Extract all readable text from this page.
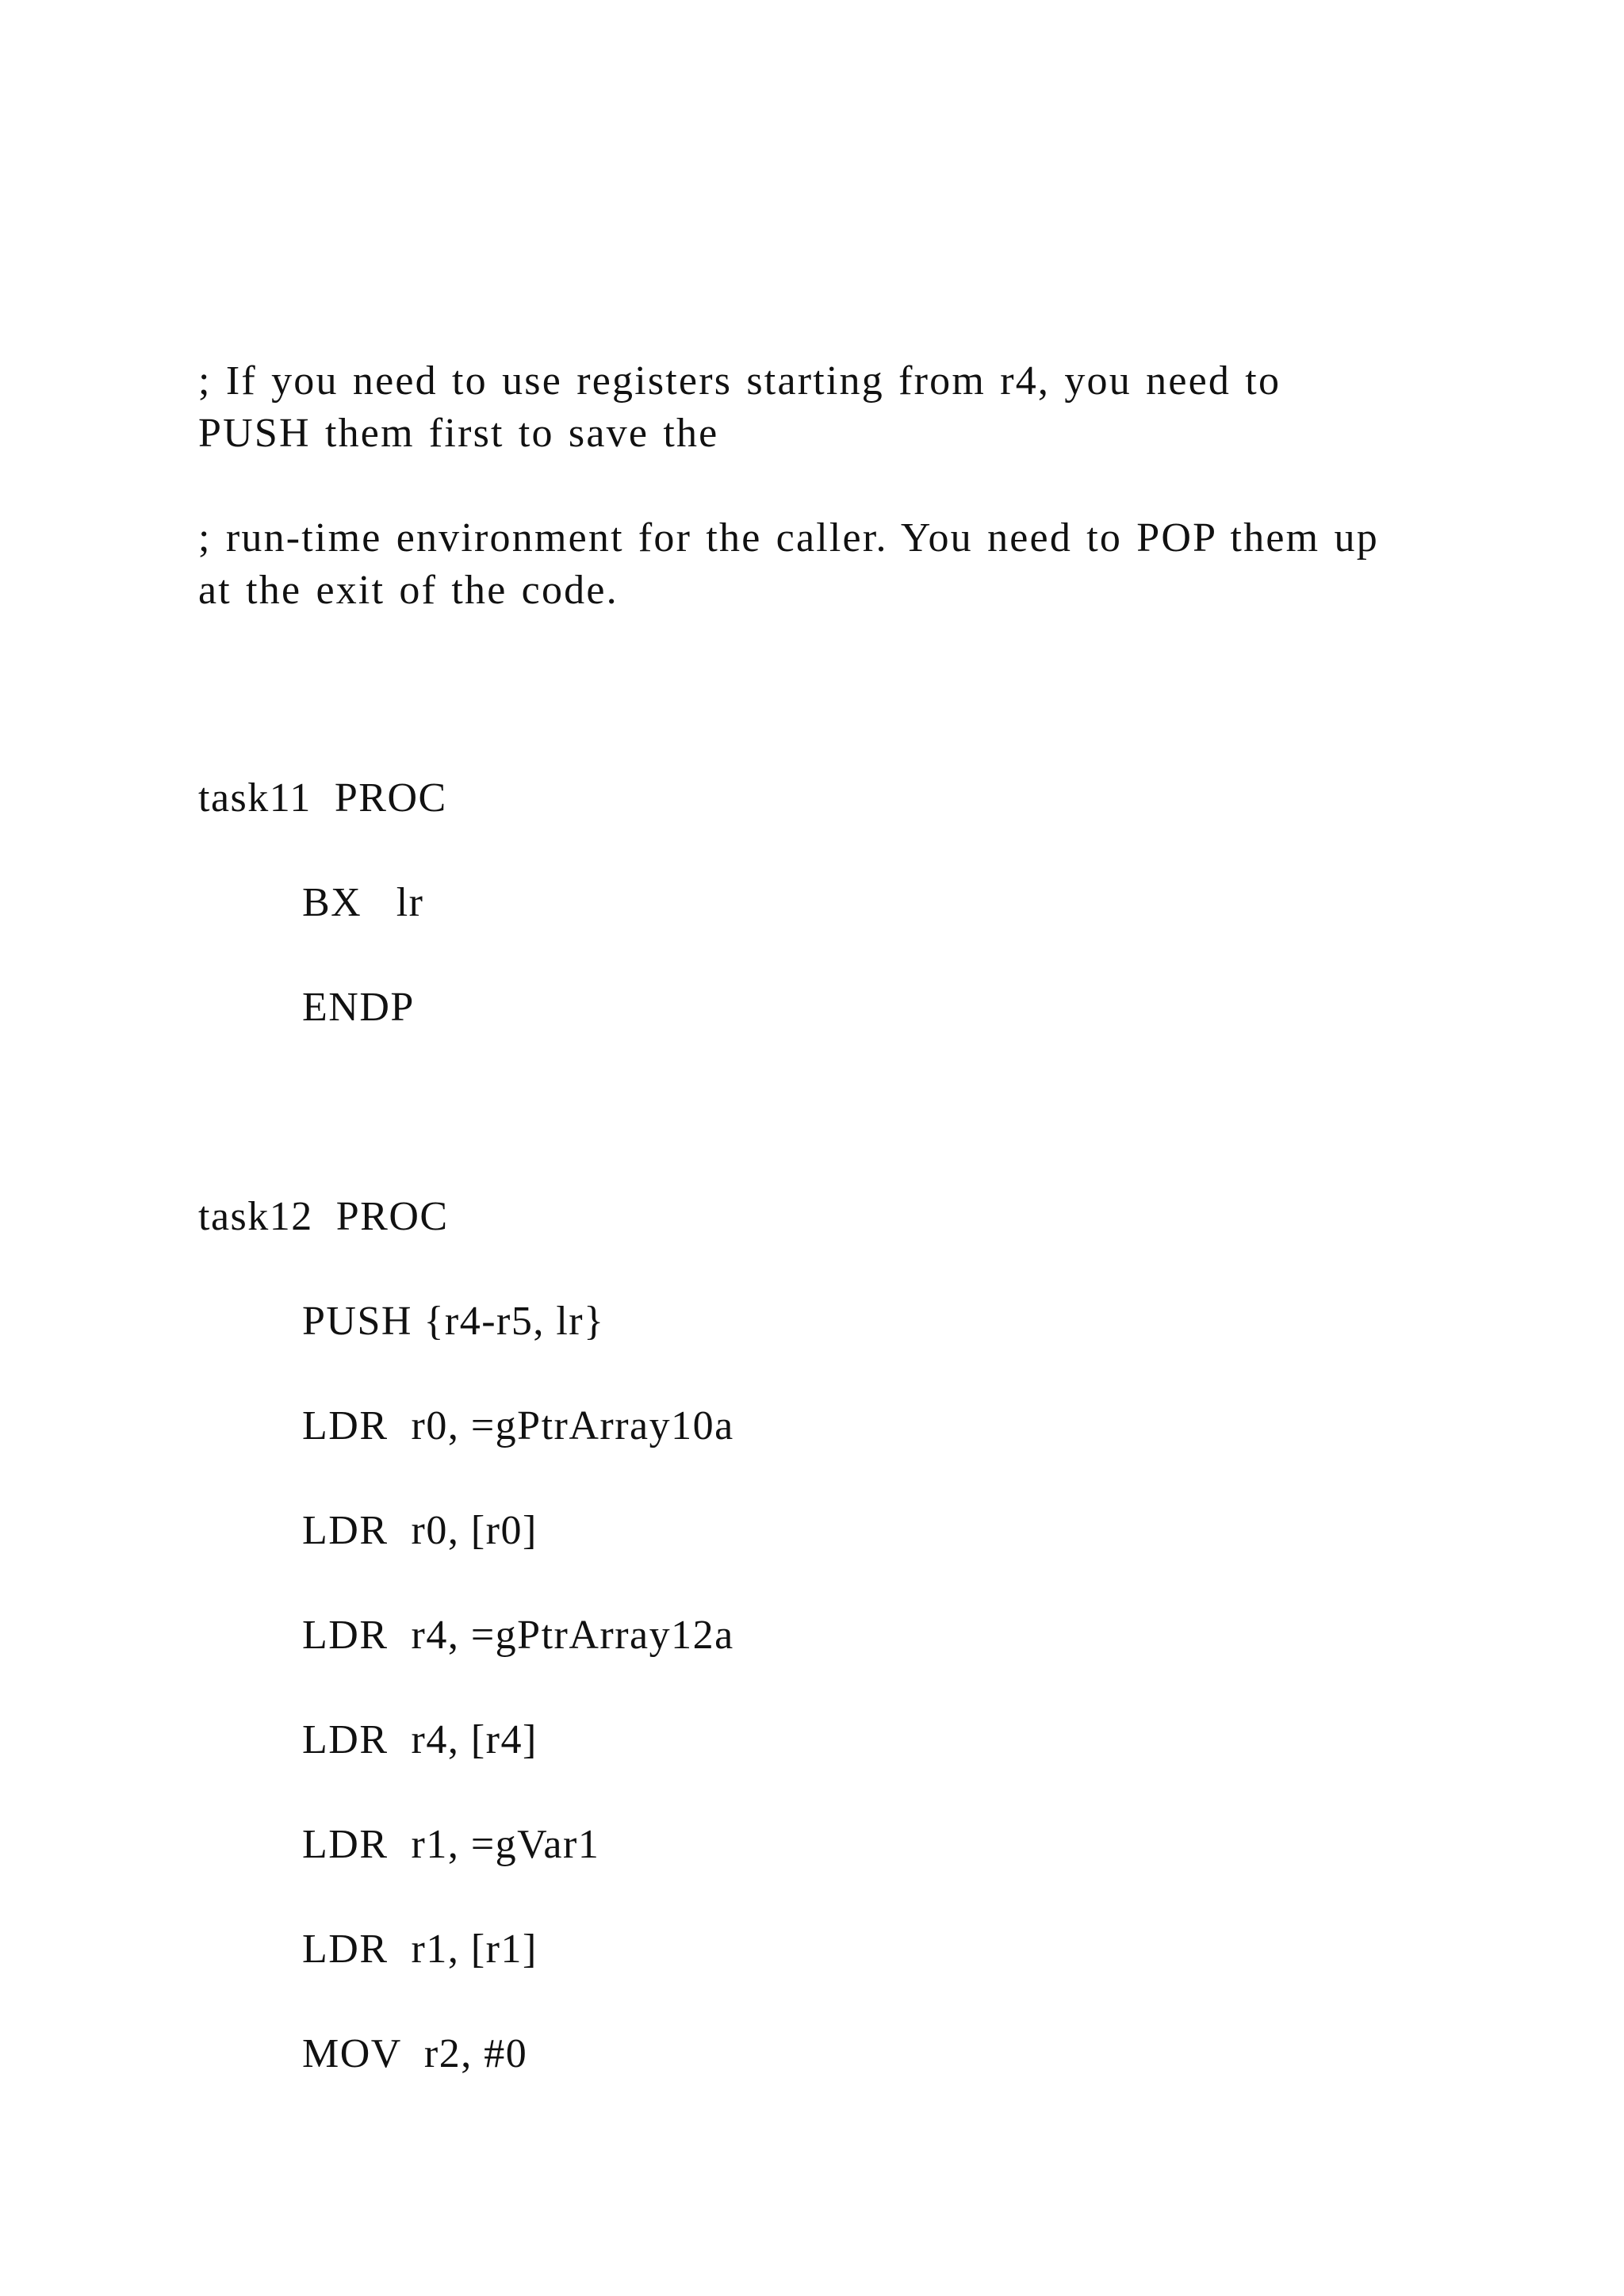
; If you need to use registers starting from r4, you need to
PUSH them first to save the
; run-time environment for the caller. You need to POP them up
at the exit of the code.
task11  PROC
BX   lr
ENDP
task12  PROC
PUSH {r4-r5, lr}
LDR  r0, =gPtrArray10a
LDR  r0, [r0]
LDR  r4, =gPtrArray12a
LDR  r4, [r4]
LDR  r1, =gVar1
LDR  r1, [r1]
MOV  r2, #0
